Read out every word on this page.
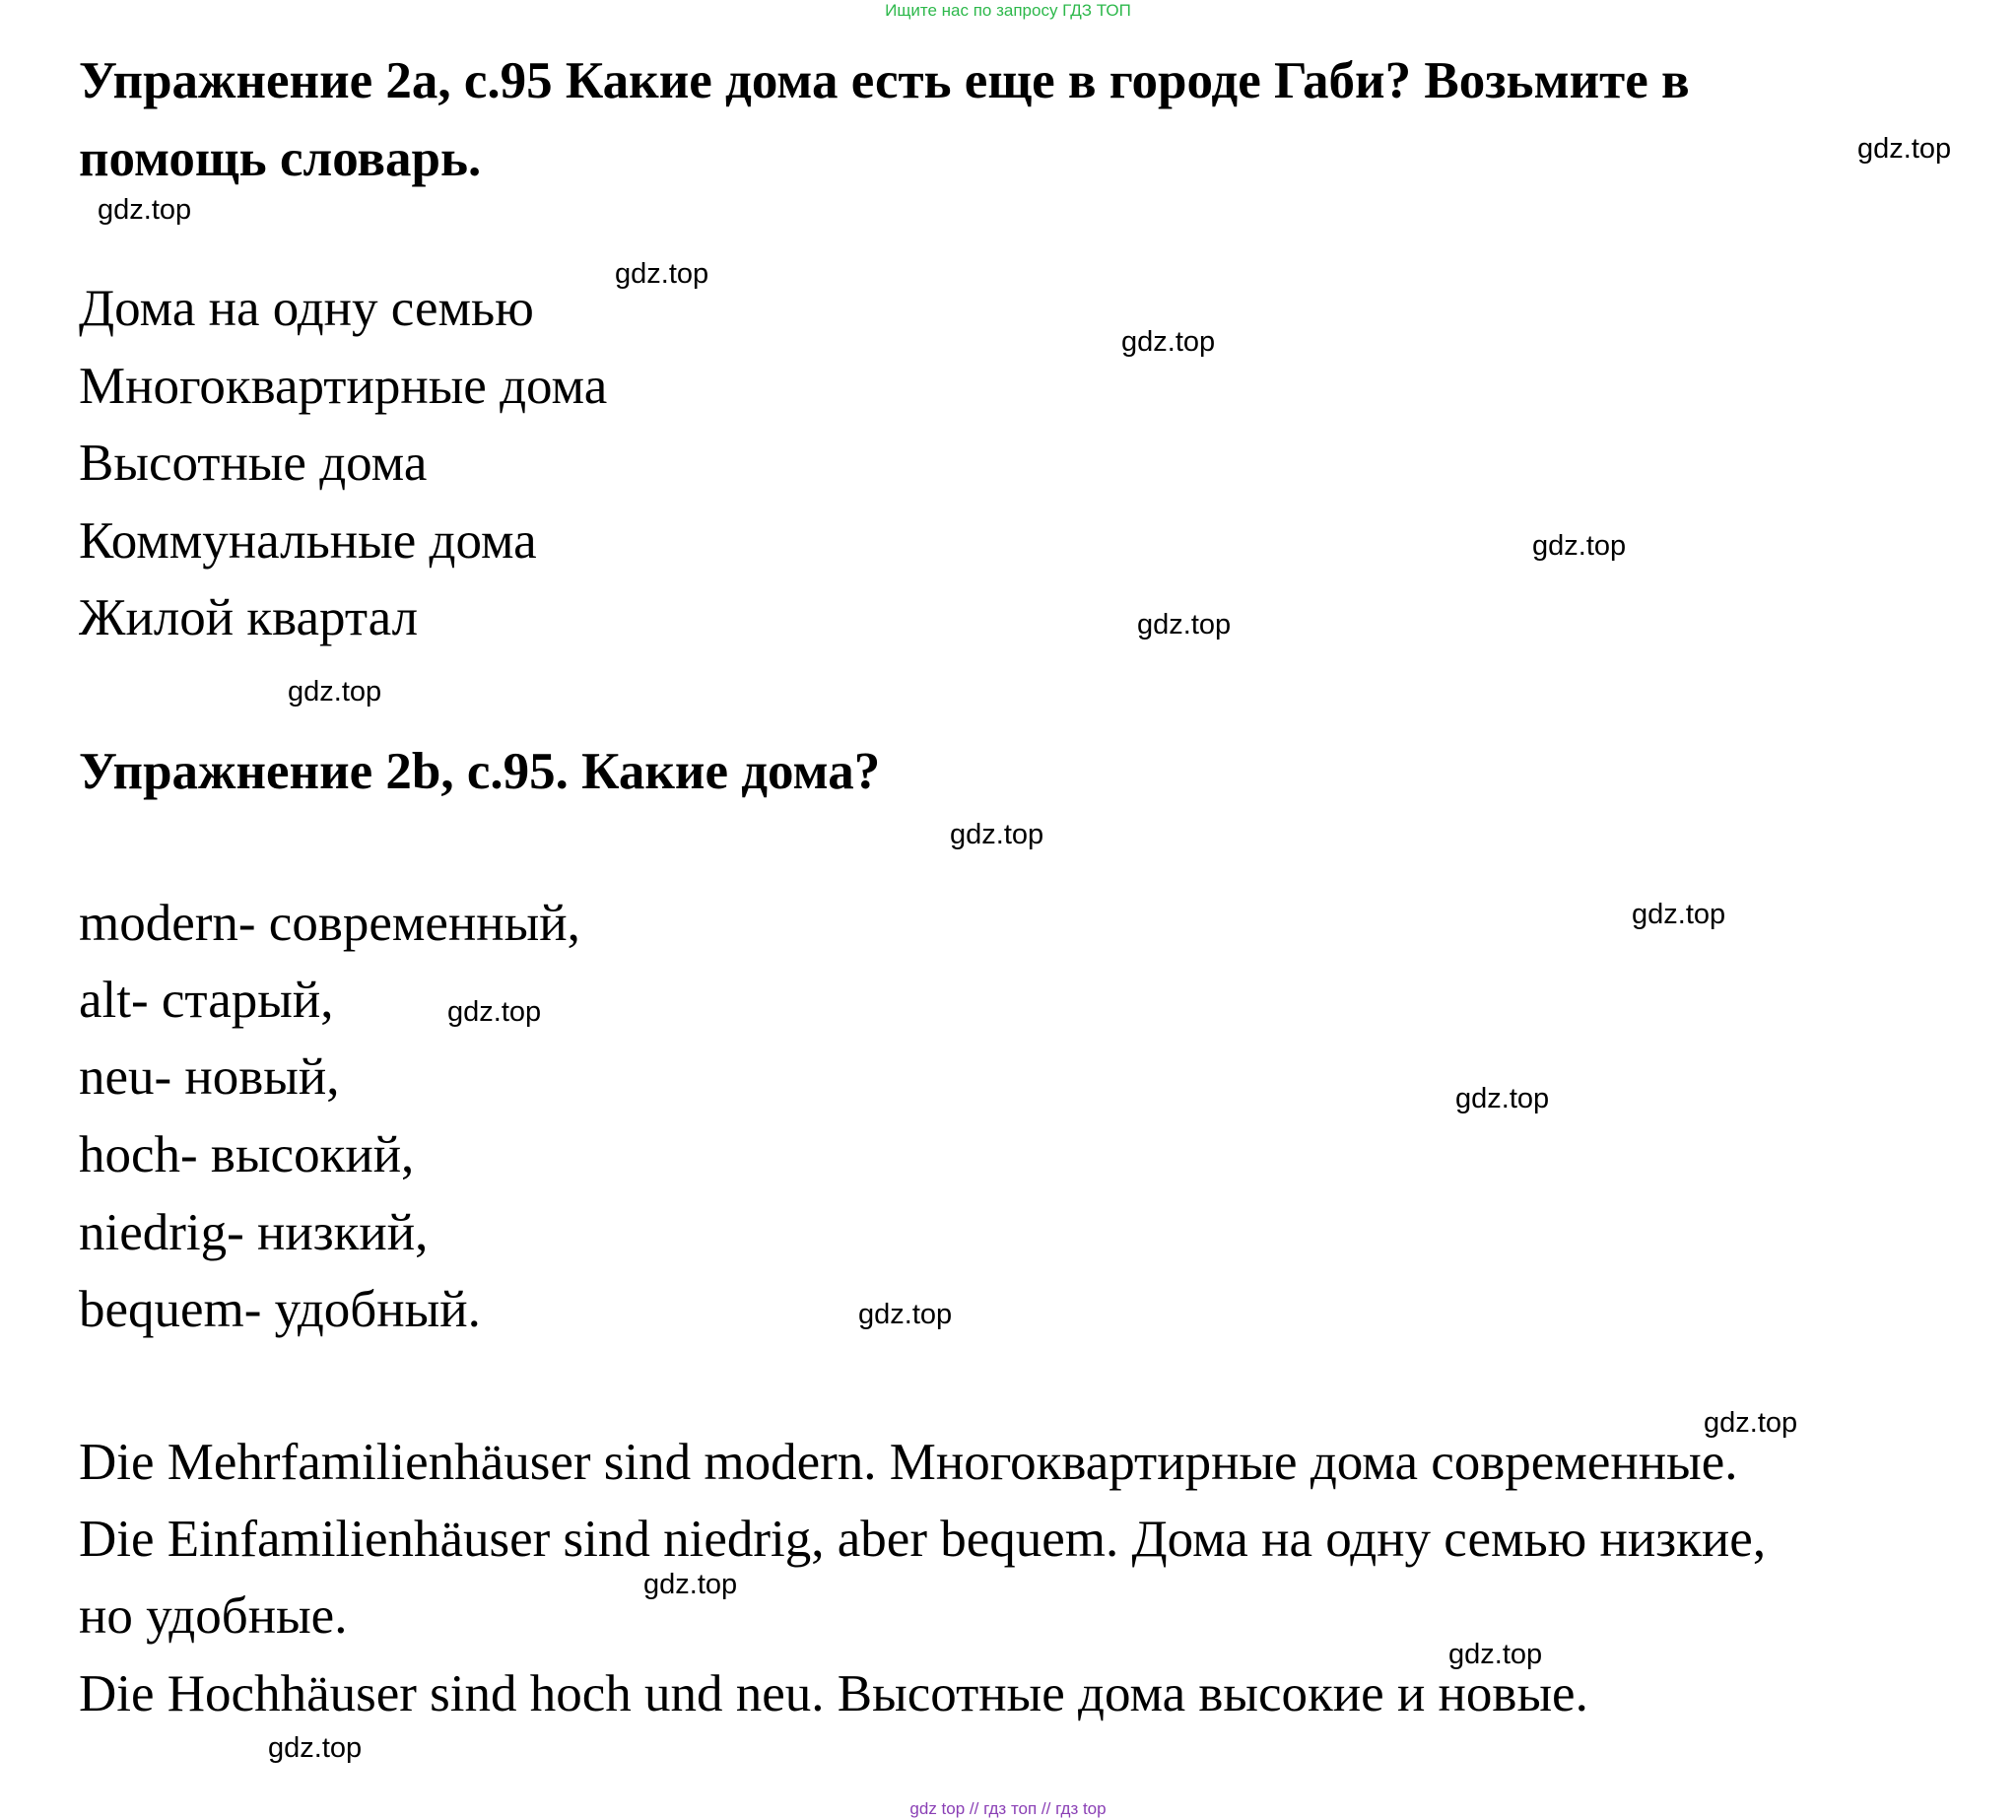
Ищите нас по запросу ГДЗ ТОП
Упражнение 2a, с.95 Какие дома есть еще в городе Габи? Возьмите в
помощь словарь.
Дома на одну семью
Многоквартирные дома
Высотные дома
Коммунальные дома
Жилой квартал
Упражнение 2b, с.95. Какие дома?
modern- современный,
alt- старый,
neu- новый,
hoch- высокий,
niedrig- низкий,
bequem- удобный.
Die Mehrfamilienhäuser sind modern. Многоквартирные дома современные.
Die Einfamilienhäuser sind niedrig, aber bequem. Дома на одну семью низкие,
но удобные.
Die Hochhäuser sind hoch und neu. Высотные дома высокие и новые.
gdz.top
gdz.top
gdz.top
gdz.top
gdz.top
gdz.top
gdz.top
gdz.top
gdz.top
gdz.top
gdz.top
gdz.top
gdz.top
gdz.top
gdz.top
gdz.top
gdz top // гдз топ // гдз top
